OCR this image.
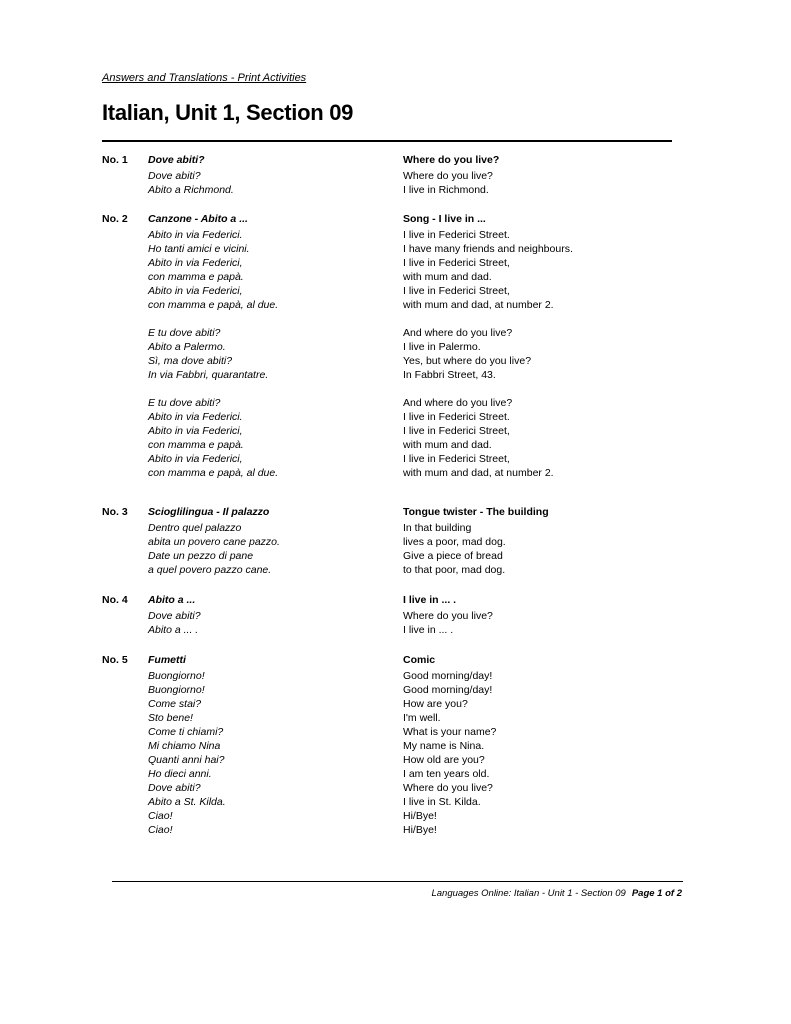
Answers and Translations - Print Activities
Italian, Unit 1, Section 09
No. 1 Dove abiti?	Where do you live?
Dove abiti?	Where do you live?
Abito a Richmond.	I live in Richmond.
No. 2 Canzone - Abito a ...	Song - I live in ...
Abito in via Federici.	I live in Federici Street.
Ho tanti amici e vicini.	I have many friends and neighbours.
Abito in via Federici,	I live in Federici Street,
con mamma e papà.	with mum and dad.
Abito in via Federici,	I live in Federici Street,
con mamma e papà, al due.	with mum and dad, at number 2.
E tu dove abiti?	And where do you live?
Abito a Palermo.	I live in Palermo.
Sì, ma dove abiti?	Yes, but where do you live?
In via Fabbri, quarantatre.	In Fabbri Street, 43.
E tu dove abiti?	And where do you live?
Abito in via Federici.	I live in Federici Street.
Abito in via Federici,	I live in Federici Street,
con mamma e papà.	with mum and dad.
Abito in via Federici,	I live in Federici Street,
con mamma e papà, al due.	with mum and dad, at number 2.
No. 3 Scioglilingua - Il palazzo	Tongue twister - The building
Dentro quel palazzo	In that building
abita un povero cane pazzo.	lives a poor, mad dog.
Date un pezzo di pane	Give a piece of bread
a quel povero pazzo cane.	to that poor, mad dog.
No. 4 Abito a ...	I live in ... .
Dove abiti?	Where do you live?
Abito a ... .	I live in ... .
No. 5 Fumetti	Comic
Buongiorno!	Good morning/day!
Buongiorno!	Good morning/day!
Come stai?	How are you?
Sto bene!	I'm well.
Come ti chiami?	What is your name?
Mi chiamo Nina	My name is Nina.
Quanti anni hai?	How old are you?
Ho dieci anni.	I am ten years old.
Dove abiti?	Where do you live?
Abito a St. Kilda.	I live in St. Kilda.
Ciao!	Hi/Bye!
Ciao!	Hi/Bye!
Languages Online: Italian - Unit 1 - Section 09 Page 1 of 2
